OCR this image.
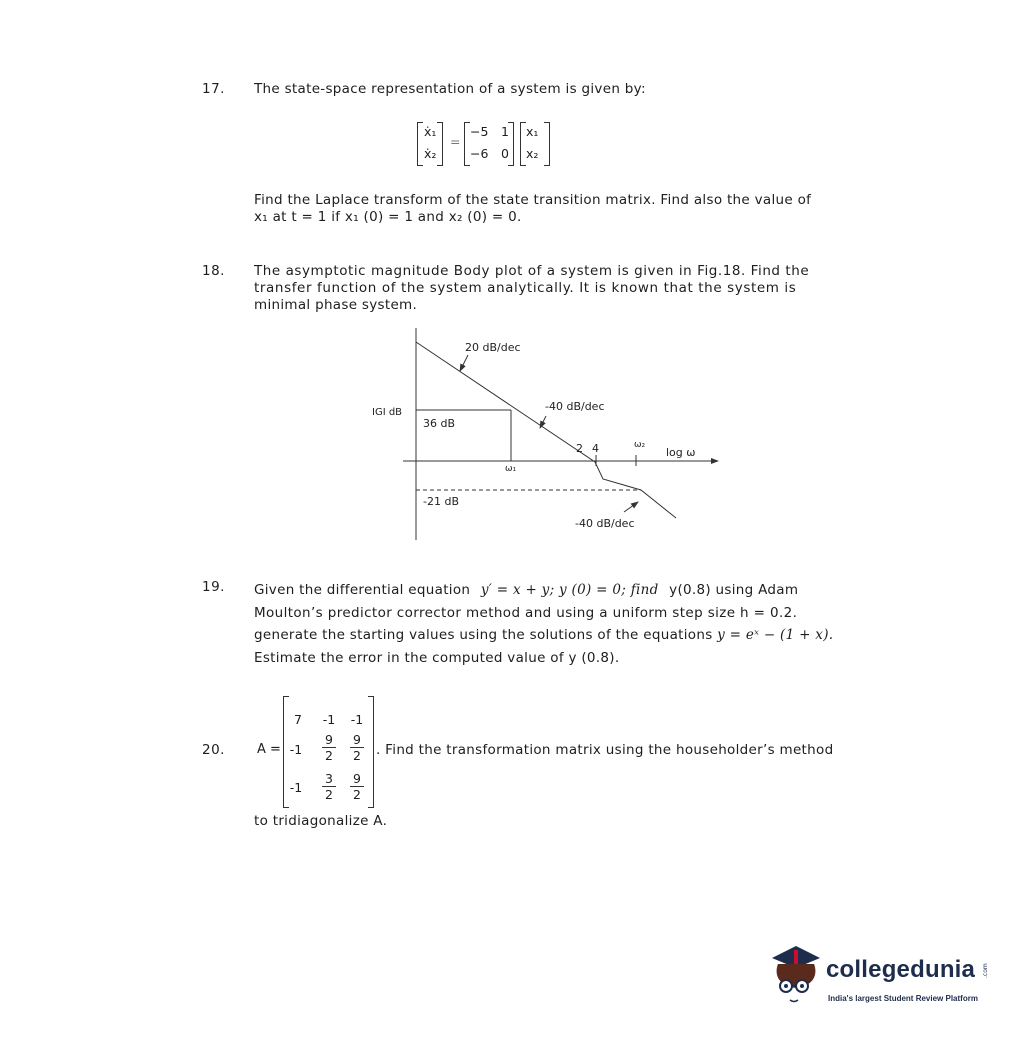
17. The state-space representation of a system is given by:
ẋ₁
ẋ₂
=
−5 1
−6 0
x₁
x₂
Find the Laplace transform of the state transition matrix. Find also the value of
x₁ at t = 1 if x₁ (0) = 1 and x₂ (0) = 0.
18. The asymptotic magnitude Body plot of a system is given in Fig.18. Find the
transfer function of the system analytically. It is known that the system is
minimal phase system.
20 dB/dec
-40 dB/dec
-40 dB/dec
IGI dB
36 dB
-21 dB
2 4	ω₂
ω₁
log ω
19. Given the differential equation y′ = x + y; y (0) = 0; find y(0.8) using Adam
Moulton’s predictor corrector method and using a uniform step size h = 0.2.
generate the starting values using the solutions of the equations y = eˣ − (1 + x).
Estimate the error in the computed value of y (0.8).
20. A =
7	-1 -1
-1
9
2
9
2
-1
3
2
9
2
. Find the transformation matrix using the householder’s method
to tridiagonalize A.
collegedunia .com
India's largest Student Review Platform
